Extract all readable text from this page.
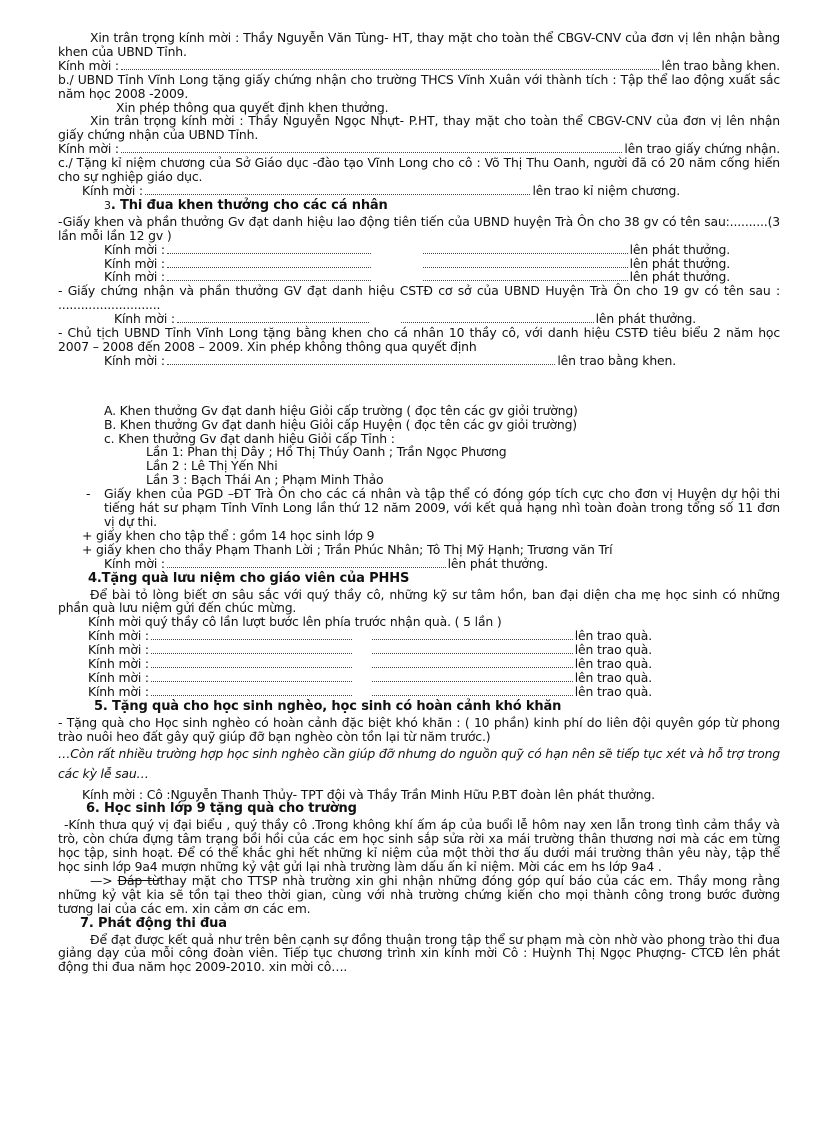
Xin trân trọng kính mời : Thầy Nguyễn Văn Tùng- HT, thay mặt cho toàn thể CBGV-CNV của đơn vị lên nhận bằng khen của UBND Tỉnh.

Kính mời :	lên trao bằng khen.

b./ UBND Tỉnh Vĩnh Long tặng giấy chứng nhận cho trường THCS Vĩnh Xuân với thành tích : Tập thể lao động xuất sắc năm học 2008 -2009.

Xin phép thông qua quyết định khen thưởng.

Xin trân trọng kính mời : Thầy Nguyễn Ngọc Nhựt- P.HT, thay mặt cho toàn thể CBGV-CNV của đơn vị lên nhận giấy chứng nhận của UBND Tỉnh.

Kính mời :	lên trao giấy chứng nhận.

c./ Tặng kỉ niệm chương của Sở Giáo dục -đào tạo Vĩnh Long cho cô : Võ Thị Thu Oanh, người đã có 20 năm cống hiến cho sự nghiệp giáo dục.

Kính mời :	lên trao kỉ niệm chương.

3. Thi đua khen thưởng cho các cá nhân

-Giấy khen và phần thưởng Gv đạt danh hiệu lao động tiên tiến của UBND huyện Trà Ôn cho 38 gv có tên sau:..........(3 lần mỗi lần 12 gv )

Kính mời :	lên phát thưởng.
Kính mời :	lên phát thưởng.
Kính mời :	lên phát thưởng.

- Giấy chứng nhận và phần thưởng GV đạt danh hiệu CSTĐ cơ sở của UBND Huyện Trà Ôn cho 19 gv có tên sau : ...........................

Kính mời :	lên phát thưởng.

- Chủ tịch UBND Tỉnh Vĩnh Long tặng bằng khen cho cá nhân 10 thầy cô, với danh hiệu CSTĐ tiêu biểu 2 năm học 2007 – 2008 đến 2008 – 2009. Xin phép không thông qua quyết định

Kính mời :	lên trao bằng khen.

A. Khen thưởng Gv đạt danh hiệu Giỏi cấp trường ( đọc tên các gv giỏi trường)

B. Khen thưởng Gv đạt danh hiệu Giỏi cấp Huyện ( đọc tên các gv giỏi trường)

c. Khen thưởng Gv đạt danh hiệu Giỏi cấp Tỉnh :

Lần 1: Phan thị Dây ; Hồ Thị Thúy Oanh ; Trần Ngọc Phương

Lần 2 : Lê Thị Yến Nhi

Lần 3 : Bạch Thái An ; Phạm Minh Thảo

- Giấy khen của PGD –ĐT Trà Ôn cho các cá nhân và tập thể có đóng góp tích cực cho đơn vị Huyện dự hội thi tiếng hát sư phạm Tỉnh Vĩnh Long lần thứ 12 năm 2009, với kết quả hạng nhì toàn đoàn trong tổng số 11 đơn vị dự thi.

+ giấy khen cho tập thể : gồm 14 học sinh lớp 9

+ giấy khen cho thầy Phạm Thanh Lời ; Trần Phúc Nhân; Tô Thị Mỹ Hạnh; Trương văn Trí

Kính mời :	lên phát thưởng.

4.Tặng quà lưu niệm cho giáo viên của PHHS

Để bài tỏ lòng biết ơn sâu sắc với quý thầy cô, những kỹ sư tâm hồn, ban đại diện cha mẹ học sinh có những phần quà lưu niệm gửi đến chúc mừng.

Kính mời quý thầy cô lần lượt bước lên phía trước nhận quà. ( 5 lần )

Kính mời :	lên trao quà.
Kính mời :	lên trao quà.
Kính mời :	lên trao quà.
Kính mời :	lên trao quà.
Kính mời :	lên trao quà.

5. Tặng quà cho học sinh nghèo, học sinh có hoàn cảnh khó khăn

- Tặng quà cho Học sinh nghèo có hoàn cảnh đặc biệt khó khăn : ( 10 phần) kinh phí do liên đội quyên góp từ phong trào nuôi heo đất gây quỹ giúp đỡ bạn nghèo còn tồn lại từ năm trước.)

…Còn rất nhiều trường hợp học sinh nghèo cần giúp đỡ nhưng do nguồn quỹ có hạn nên sẽ tiếp tục xét và hỗ trợ trong các kỳ lễ sau…

Kính mời : Cô :Nguyễn Thanh Thủy- TPT đội và Thầy Trần Minh Hữu P.BT đoàn lên phát thưởng.

6. Học sinh lớp 9 tặng quà cho trường

-Kính thưa quý vị đại biểu , quý thầy cô .Trong không khí ấm áp của buổi lễ hôm nay xen lẫn trong tình cảm thầy và trò, còn chứa đựng tâm trạng bồi hồi của các em học sinh sắp sửa rời xa mái trường thân thương nơi mà các em từng học tập, sinh hoạt. Để có thể khắc ghi hết những kỉ niệm của một thời thơ ấu dưới mái trường thân yêu này, tập thể học sinh lớp 9a4 mượn những kỷ vật gửi lại nhà trường làm dấu ấn kỉ niệm. Mời các em hs lớp 9a4 .

—> Đáp từthay mặt cho TTSP nhà trường xin ghi nhận những đóng góp quí báo của các em. Thầy mong rằng những kỷ vật kia sẽ tồn tại theo thời gian, cùng với nhà trường chứng kiến cho mọi thành công trong bước đường tương lai của các em. xin cảm ơn các em.

7. Phát động thi đua

Để đạt được kết quả như trên bên cạnh sự đồng thuận trong tập thể sư phạm mà còn nhờ vào phong trào thi đua giảng dạy của mỗi công đoàn viên. Tiếp tục chương trình xin kính mời Cô : Huỳnh Thị Ngọc Phượng- CTCĐ lên phát động thi đua năm học 2009-2010. xin mời cô….
